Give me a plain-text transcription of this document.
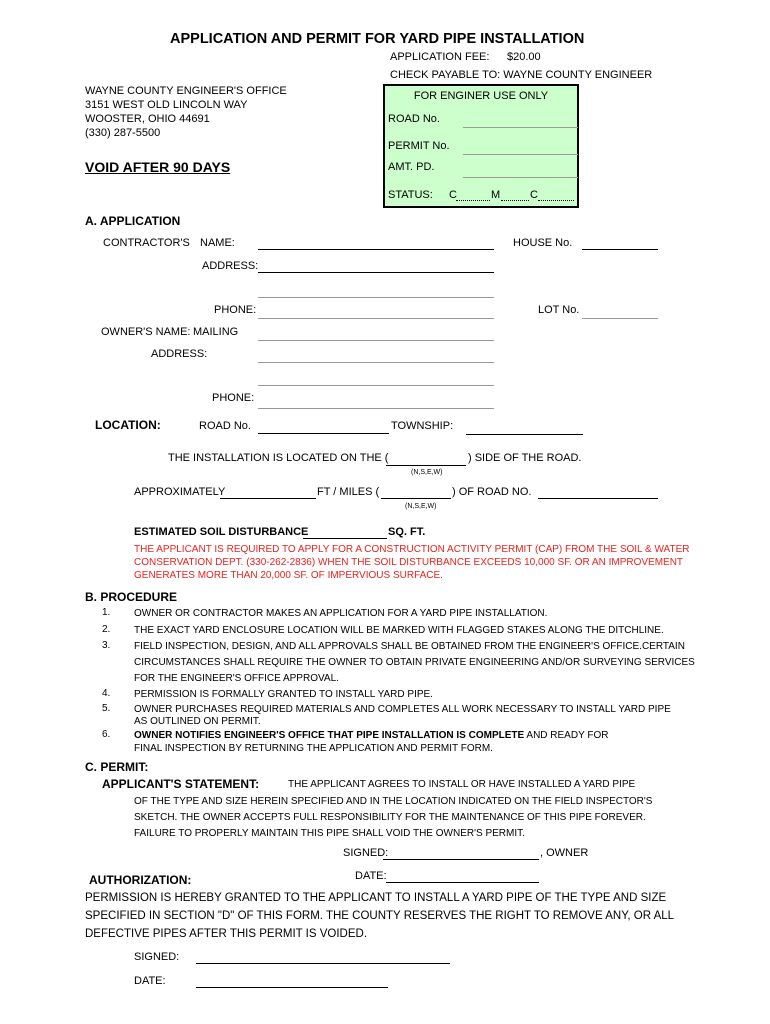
APPLICATION AND PERMIT FOR YARD PIPE INSTALLATION
APPLICATION FEE: $20.00
CHECK PAYABLE TO: WAYNE COUNTY ENGINEER
WAYNE COUNTY ENGINEER'S OFFICE
3151 WEST OLD LINCOLN WAY
WOOSTER, OHIO 44691
(330) 287-5500
VOID AFTER 90 DAYS
FOR ENGINER USE ONLY
ROAD No.
PERMIT No.
AMT. PD.
STATUS: C	M	C
A. APPLICATION
CONTRACTOR'S NAME:	HOUSE No.
ADDRESS:
PHONE:	LOT No.
OWNER'S NAME: MAILING
ADDRESS:
PHONE:
LOCATION:	ROAD No.	TOWNSHIP:
THE INSTALLATION IS LOCATED ON THE (	) SIDE OF THE ROAD.
(N,S,E,W)
APPROXIMATELY	FT / MILES (	) OF ROAD NO.
(N,S,E,W)
ESTIMATED SOIL DISTURBANCE	SQ. FT.
THE APPLICANT IS REQUIRED TO APPLY FOR A CONSTRUCTION ACTIVITY PERMIT (CAP) FROM THE SOIL & WATER
CONSERVATION DEPT. (330-262-2836) WHEN THE SOIL DISTURBANCE EXCEEDS 10,000 SF. OR AN IMPROVEMENT
GENERATES MORE THAN 20,000 SF. OF IMPERVIOUS SURFACE.
B. PROCEDURE
1. OWNER OR CONTRACTOR MAKES AN APPLICATION FOR A YARD PIPE INSTALLATION.
2. THE EXACT YARD ENCLOSURE LOCATION WILL BE MARKED WITH FLAGGED STAKES ALONG THE DITCHLINE.
3. FIELD INSPECTION, DESIGN, AND ALL APPROVALS SHALL BE OBTAINED FROM THE ENGINEER'S OFFICE.CERTAIN
CIRCUMSTANCES SHALL REQUIRE THE OWNER TO OBTAIN PRIVATE ENGINEERING AND/OR SURVEYING SERVICES
FOR THE ENGINEER'S OFFICE APPROVAL.
4. PERMISSION IS FORMALLY GRANTED TO INSTALL YARD PIPE.
5. OWNER PURCHASES REQUIRED MATERIALS AND COMPLETES ALL WORK NECESSARY TO INSTALL YARD PIPE
AS OUTLINED ON PERMIT.
6. OWNER NOTIFIES ENGINEER'S OFFICE THAT PIPE INSTALLATION IS COMPLETE AND READY FOR
FINAL INSPECTION BY RETURNING THE APPLICATION AND PERMIT FORM.
C. PERMIT:
APPLICANT'S STATEMENT:	THE APPLICANT AGREES TO INSTALL OR HAVE INSTALLED A YARD PIPE
OF THE TYPE AND SIZE HEREIN SPECIFIED AND IN THE LOCATION INDICATED ON THE FIELD INSPECTOR'S
SKETCH. THE OWNER ACCEPTS FULL RESPONSIBILITY FOR THE MAINTENANCE OF THIS PIPE FOREVER.
FAILURE TO PROPERLY MAINTAIN THIS PIPE SHALL VOID THE OWNER'S PERMIT.
SIGNED:	, OWNER
DATE:
AUTHORIZATION:
PERMISSION IS HEREBY GRANTED TO THE APPLICANT TO INSTALL A YARD PIPE OF THE TYPE AND SIZE
SPECIFIED IN SECTION "D" OF THIS FORM. THE COUNTY RESERVES THE RIGHT TO REMOVE ANY, OR ALL
DEFECTIVE PIPES AFTER THIS PERMIT IS VOIDED.
SIGNED:
DATE:
